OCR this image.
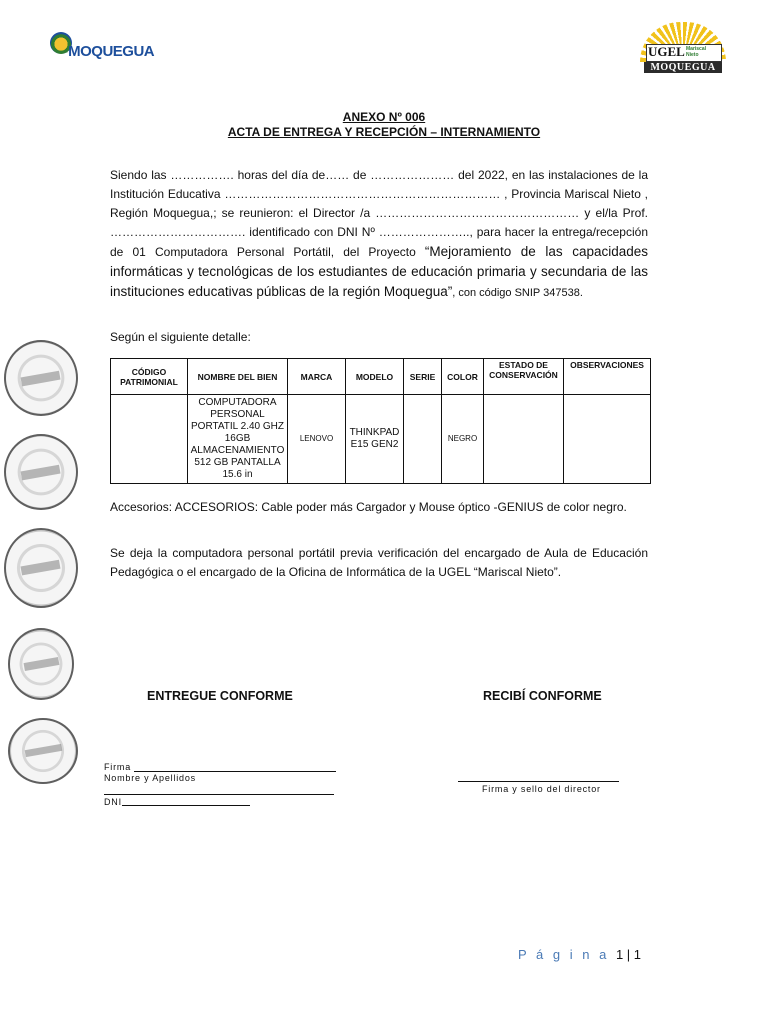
■MOQUEGUA	UGEL Mariscal Nieto
MOQUEGUA
ANEXO Nº 006
ACTA DE ENTREGA Y RECEPCIÓN – INTERNAMIENTO
Siendo las ……………. horas del día de…… de ………………… del 2022, en las instalaciones de la Institución Educativa …………………………………………………………… , Provincia Mariscal Nieto , Región Moquegua,; se reunieron: el Director /a …………………………………………… y el/la Prof. ……………………………. identificado con DNI Nº ………………….., para hacer la entrega/recepción de 01 Computadora Personal Portátil, del Proyecto “Mejoramiento de las capacidades informáticas y tecnológicas de los estudiantes de educación primaria y secundaria de las instituciones educativas públicas de la región Moquegua”, con código SNIP 347538.
Según el siguiente detalle:
CÓDIGO PATRIMONIAL	NOMBRE DEL BIEN	MARCA	MODELO	SERIE	COLOR	ESTADO DE CONSERVACIÓN	OBSERVACIONES
	COMPUTADORA PERSONAL PORTATIL 2.40 GHZ 16GB ALMACENAMIENTO 512 GB PANTALLA 15.6 in	LENOVO	THINKPAD E15 GEN2		NEGRO		
Accesorios: ACCESORIOS: Cable poder más Cargador y Mouse óptico -GENIUS de color negro.
Se deja la computadora personal portátil previa verificación del encargado de Aula de Educación Pedagógica o el encargado de la Oficina de Informática de la UGEL “Mariscal Nieto”.
ENTREGUE CONFORME	RECIBÍ CONFORME
Firma
Nombre y Apellidos
DNI
Firma y sello del director
P á g i n a 1 | 1
